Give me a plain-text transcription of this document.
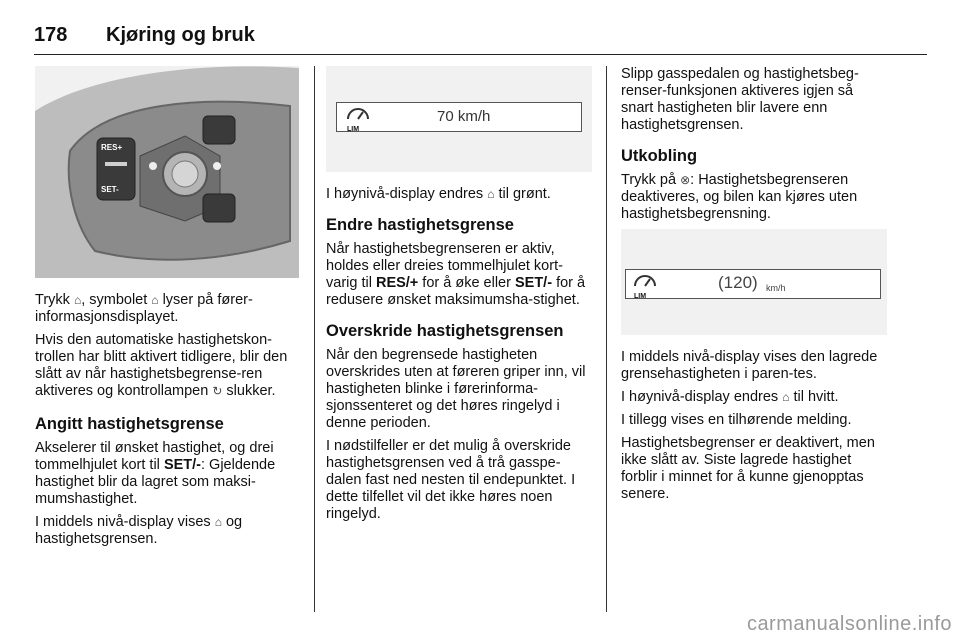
178 Kjøring og bruk
RES+
SET-

Trykk ⌂, symbolet ⌂ lyser på fører-informasjonsdisplayet.

Hvis den automatiske hastighetskon-trollen har blitt aktivert tidligere, blir den slått av når hastighetsbegrense-ren aktiveres og kontrollampen ↻ slukker.

Angitt hastighetsgrense

Akselerer til ønsket hastighet, og drei tommelhjulet kort til SET/-: Gjeldende hastighet blir da lagret som maksi-mumshastighet.

I middels nivå-display vises ⌂ og hastighetsgrensen.

LIM
70 km/h

I høynivå-display endres ⌂ til grønt.

Endre hastighetsgrense

Når hastighetsbegrenseren er aktiv, holdes eller dreies tommelhjulet kort-varig til RES/+ for å øke eller SET/- for å redusere ønsket maksimumsha-stighet.

Overskride hastighetsgrensen

Når den begrensede hastigheten overskrides uten at føreren griper inn, vil hastigheten blinke i førerinforma-sjonssenteret og det høres ringelyd i denne perioden.

I nødstilfeller er det mulig å overskride hastighetsgrensen ved å trå gasspe-dalen fast ned nesten til endepunktet. I dette tilfellet vil det ikke høres noen ringelyd.

Slipp gasspedalen og hastighetsbeg-renser-funksjonen aktiveres igjen så snart hastigheten blir lavere enn hastighetsgrensen.

Utkobling

Trykk på ⊗: Hastighetsbegrenseren deaktiveres, og bilen kan kjøres uten hastighetsbegrensning.

LIM
(120) km/h

I middels nivå-display vises den lagrede grensehastigheten i paren-tes.

I høynivå-display endres ⌂ til hvitt.

I tillegg vises en tilhørende melding.

Hastighetsbegrenser er deaktivert, men ikke slått av. Siste lagrede hastighet forblir i minnet for å kunne gjenopptas senere.

carmanualsonline.info
